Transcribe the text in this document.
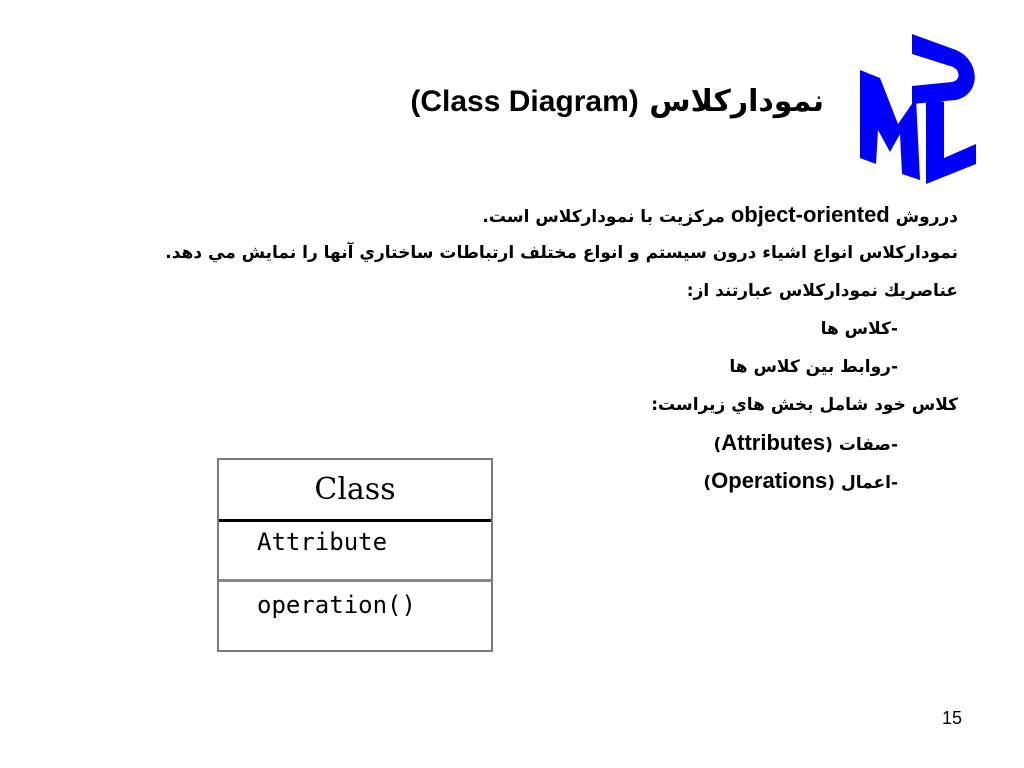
(Class Diagram) نمودارکلاس
درروش object-oriented مرکزيت با نمودارکلاس است.
نمودارکلاس انواع اشياء درون سيستم و انواع مختلف ارتباطات ساختاري آنها را نمايش مي دهد.
عناصريك نمودارکلاس عبارتند از:
-کلاس ها
-روابط بين کلاس ها
کلاس خود شامل بخش هاي زيراست:
-صفات (Attributes)
-اعمال (Operations)
Class
Attribute
operation()
15
